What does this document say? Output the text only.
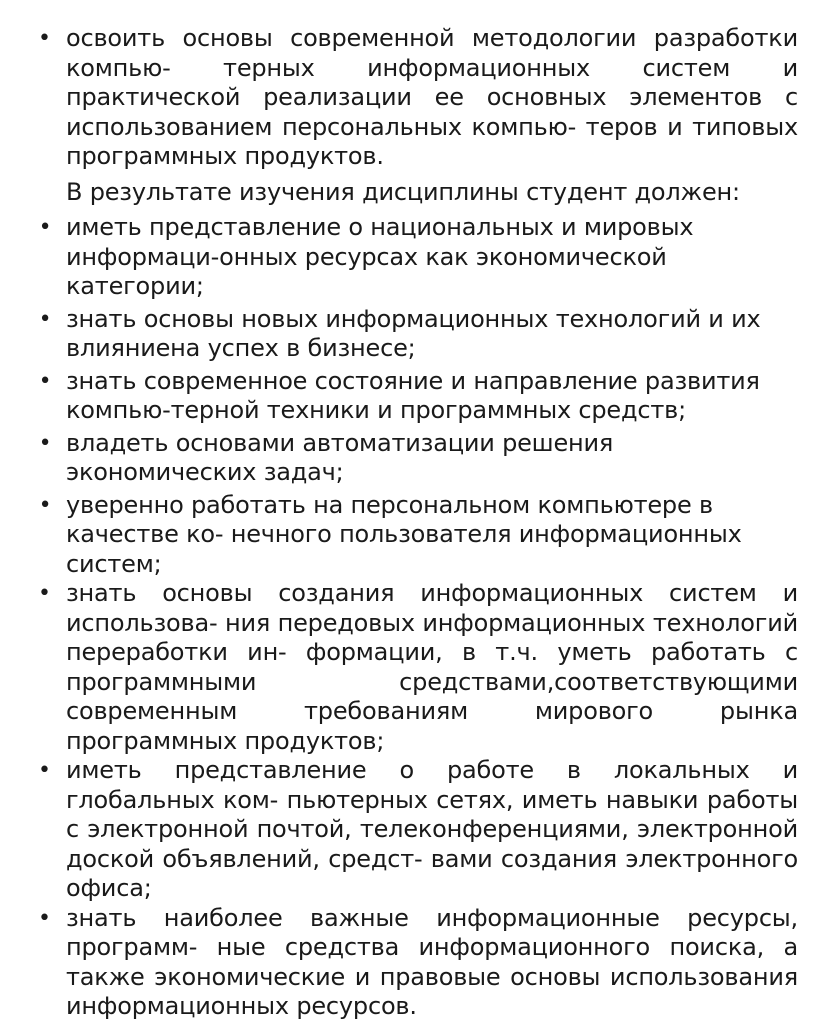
• освоить основы современной методологии разработки компью- терных информационных систем и практической реализации ее основных элементов с использованием персональных компью- теров и типовых программных продуктов.
В результате изучения дисциплины студент должен:
• иметь представление о национальных и мировых информаци-онных ресурсах как экономической категории;
• знать основы новых информационных технологий и их влияниена успех в бизнесе;
• знать современное состояние и направление развития компью-терной техники и программных средств;
• владеть основами автоматизации решения экономических задач;
• уверенно работать на персональном компьютере в качестве ко- нечного пользователя информационных систем;
• знать основы создания информационных систем и использова- ния передовых информационных технологий переработки ин- формации, в т.ч. уметь работать с программными средствами,соответствующими современным требованиям мирового рынка программных продуктов;
• иметь представление о работе в локальных и глобальных ком- пьютерных сетях, иметь навыки работы с электронной почтой, телеконференциями, электронной доской объявлений, средст- вами создания электронного офиса;
• знать наиболее важные информационные ресурсы, программ- ные средства информационного поиска, а также экономические и правовые основы использования информационных ресурсов.
